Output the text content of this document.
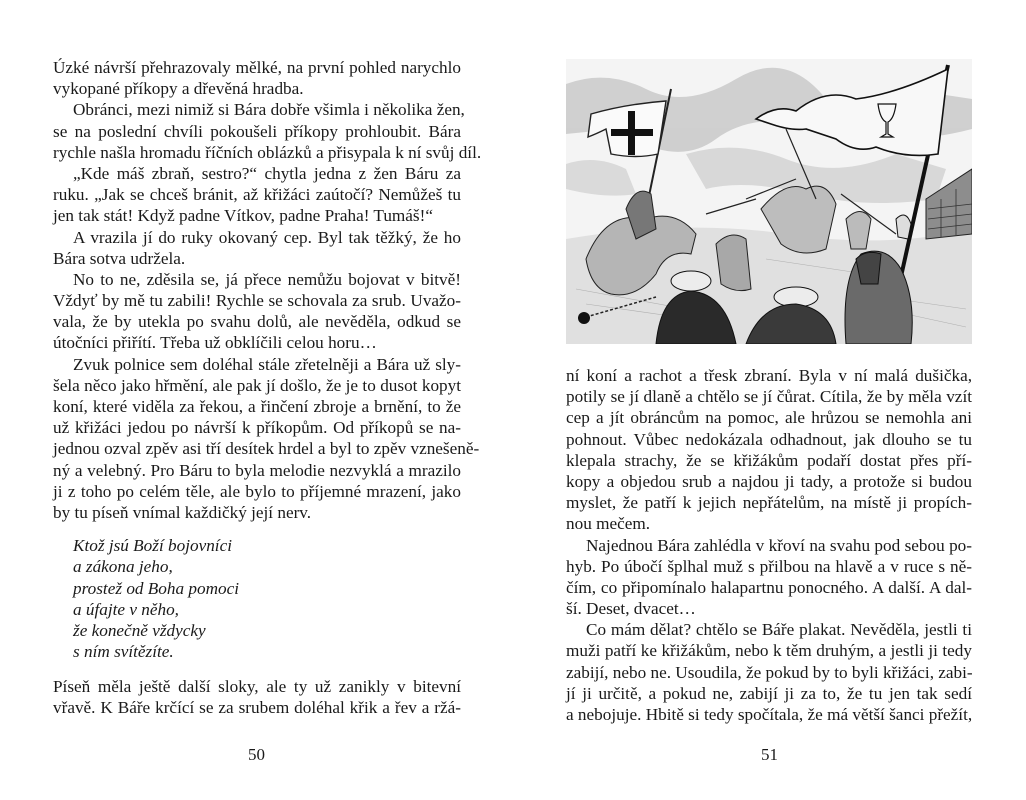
Úzké návrší přehrazovaly mělké, na první pohled narychlo
vykopané příkopy a dřevěná hradba.
Obránci, mezi nimiž si Bára dobře všimla i několika žen,
se na poslední chvíli pokoušeli příkopy prohloubit. Bára
rychle našla hromadu říčních oblázků a přisypala k ní svůj díl.
„Kde máš zbraň, sestro?“ chytla jedna z žen Báru za
ruku. „Jak se chceš bránit, až křižáci zaútočí? Nemůžeš tu
jen tak stát! Když padne Vítkov, padne Praha! Tumáš!“
A vrazila jí do ruky okovaný cep. Byl tak těžký, že ho
Bára sotva udržela.
No to ne, zděsila se, já přece nemůžu bojovat v bitvě!
Vždyť by mě tu zabili! Rychle se schovala za srub. Uvažo-
vala, že by utekla po svahu dolů, ale nevěděla, odkud se
útočníci přiřítí. Třeba už obklíčili celou horu…
Zvuk polnice sem doléhal stále zřetelněji a Bára už sly-
šela něco jako hřmění, ale pak jí došlo, že je to dusot kopyt
koní, které viděla za řekou, a řinčení zbroje a brnění, to že
už křižáci jedou po návrší k příkopům. Od příkopů se na-
jednou ozval zpěv asi tří desítek hrdel a byl to zpěv vznešeně-
ný a velebný. Pro Báru to byla melodie nezvyklá a mrazilo
ji z toho po celém těle, ale bylo to příjemné mrazení, jako
by tu píseň vnímal každičký její nerv.
Ktož jsú Boží bojovníci
a zákona jeho,
prostež od Boha pomoci
a úfajte v něho,
že konečně vždycky
s ním svítězíte.
Píseň měla ještě další sloky, ale ty už zanikly v bitevní
vřavě. K Báře krčící se za srubem doléhal křik a řev a ržá-
50
ní koní a rachot a třesk zbraní. Byla v ní malá dušička,
potily se jí dlaně a chtělo se jí čůrat. Cítila, že by měla vzít
cep a jít obráncům na pomoc, ale hrůzou se nemohla ani
pohnout. Vůbec nedokázala odhadnout, jak dlouho se tu
klepala strachy, že se křižákům podaří dostat přes pří-
kopy a objedou srub a najdou ji tady, a protože si budou
myslet, že patří k jejich nepřátelům, na místě ji propích-
nou mečem.
Najednou Bára zahlédla v křoví na svahu pod sebou po-
hyb. Po úbočí šplhal muž s přilbou na hlavě a v ruce s ně-
čím, co připomínalo halapartnu ponocného. A další. A dal-
ší. Deset, dvacet…
Co mám dělat? chtělo se Báře plakat. Nevěděla, jestli ti
muži patří ke křižákům, nebo k těm druhým, a jestli ji tedy
zabijí, nebo ne. Usoudila, že pokud by to byli křižáci, zabi-
jí ji určitě, a pokud ne, zabijí ji za to, že tu jen tak sedí
a nebojuje. Hbitě si tedy spočítala, že má větší šanci přežít,
51
